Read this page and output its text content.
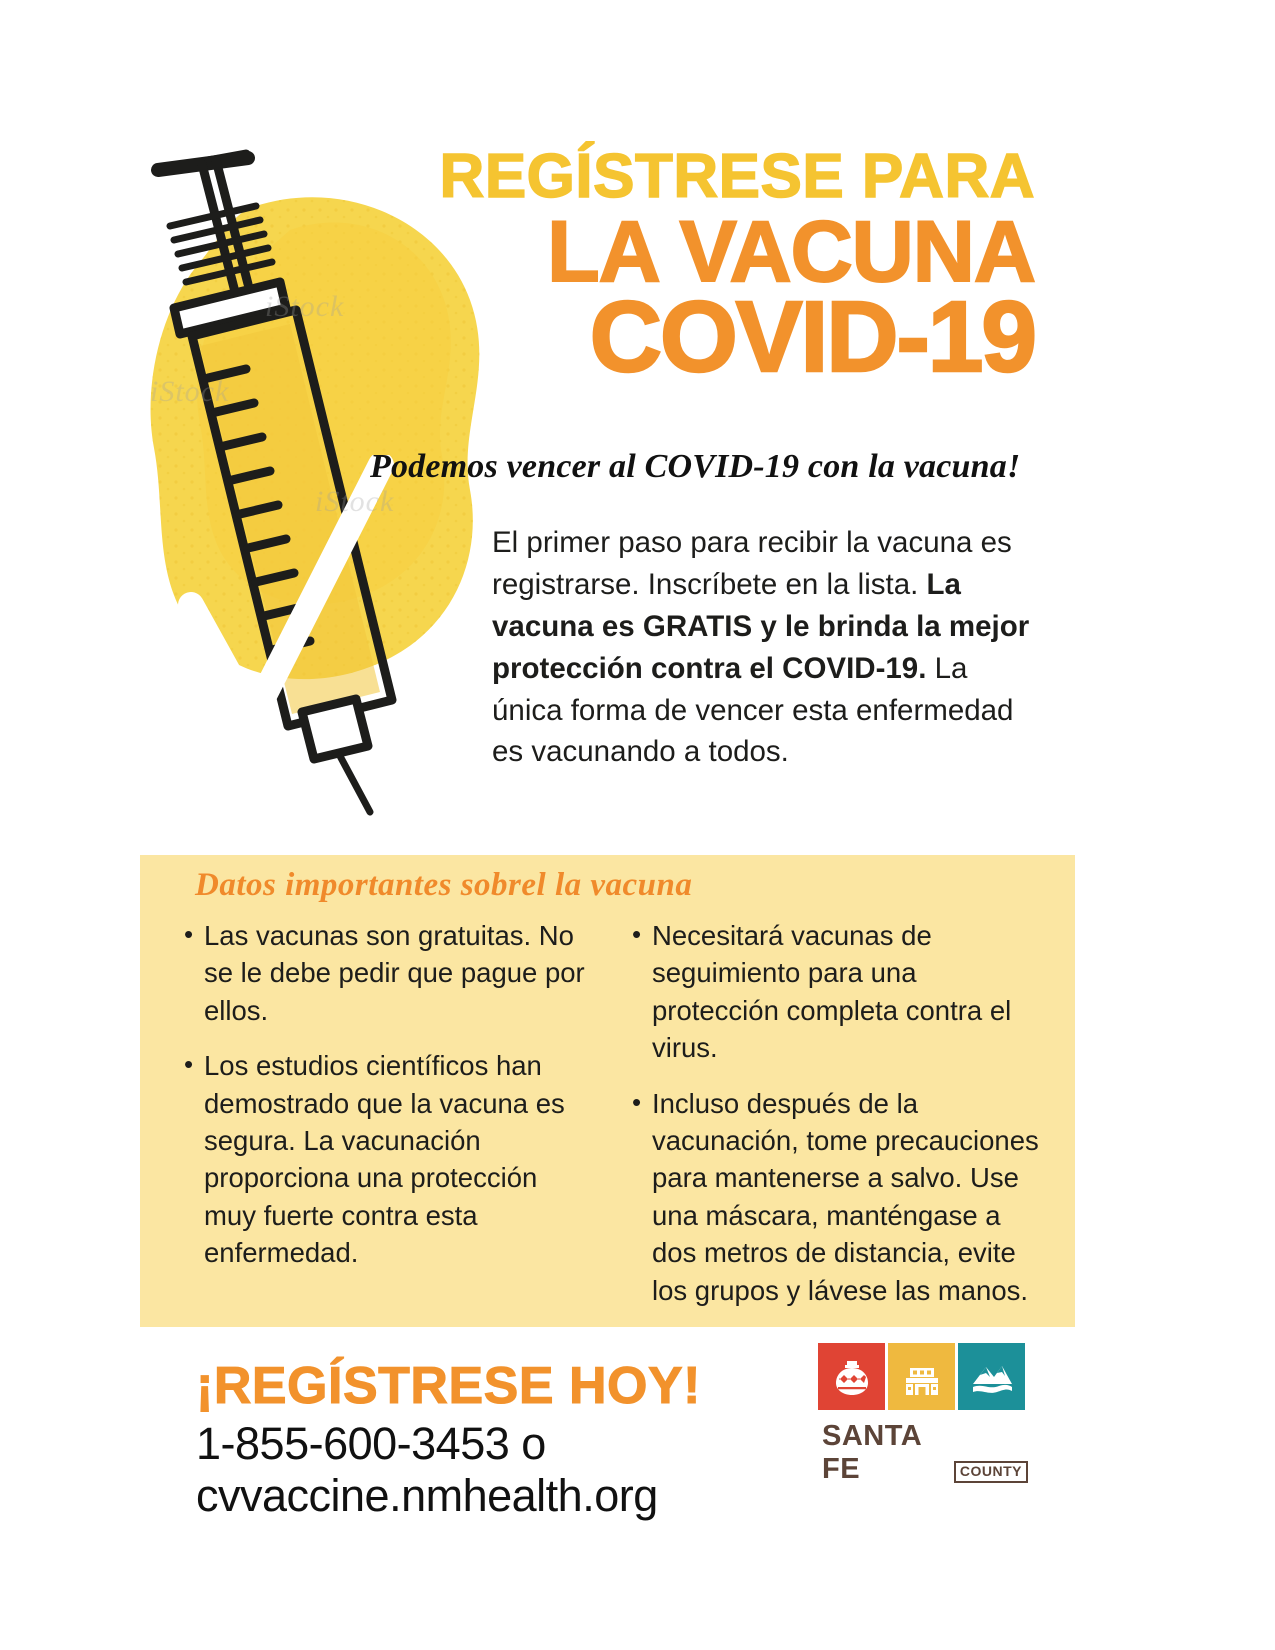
iStock
iStock
iStock
REGÍSTRESE PARA
LA VACUNA
COVID-19
Podemos vencer al COVID-19 con la vacuna!

El primer paso para recibir la vacuna es registrarse. Inscríbete en la lista. La vacuna es GRATIS y le brinda la mejor protección contra el COVID-19. La única forma de vencer esta enfermedad es vacunando a todos.

Datos importantes sobrel la vacuna
• Las vacunas son gratuitas. No se le debe pedir que pague por ellos.
• Los estudios científicos han demostrado que la vacuna es segura. La vacunación proporciona una protección muy fuerte contra esta enfermedad.
• Necesitará vacunas de seguimiento para una protección completa contra el virus.
• Incluso después de la vacunación, tome precauciones para mantenerse a salvo. Use una máscara, manténgase a dos metros de distancia, evite los grupos y lávese las manos.
¡REGÍSTRESE HOY!
1-855-600-3453 o
cvvaccine.nmhealth.org
SANTA FE	COUNTY
